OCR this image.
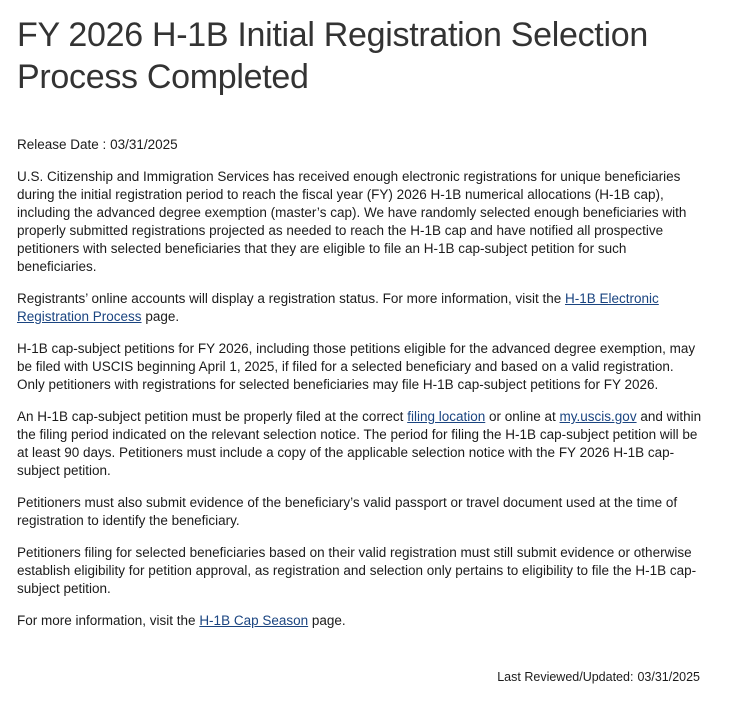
FY 2026 H-1B Initial Registration Selection Process Completed
Release Date : 03/31/2025

U.S. Citizenship and Immigration Services has received enough electronic registrations for unique beneficiaries during the initial registration period to reach the fiscal year (FY) 2026 H-1B numerical allocations (H-1B cap), including the advanced degree exemption (master’s cap). We have randomly selected enough beneficiaries with properly submitted registrations projected as needed to reach the H-1B cap and have notified all prospective petitioners with selected beneficiaries that they are eligible to file an H-1B cap-subject petition for such beneficiaries.

Registrants’ online accounts will display a registration status. For more information, visit the H-1B Electronic Registration Process page.

H-1B cap-subject petitions for FY 2026, including those petitions eligible for the advanced degree exemption, may be filed with USCIS beginning April 1, 2025, if filed for a selected beneficiary and based on a valid registration. Only petitioners with registrations for selected beneficiaries may file H-1B cap-subject petitions for FY 2026.

An H-1B cap-subject petition must be properly filed at the correct filing location or online at my.uscis.gov and within the filing period indicated on the relevant selection notice. The period for filing the H-1B cap-subject petition will be at least 90 days. Petitioners must include a copy of the applicable selection notice with the FY 2026 H-1B cap-subject petition.

Petitioners must also submit evidence of the beneficiary’s valid passport or travel document used at the time of registration to identify the beneficiary.

Petitioners filing for selected beneficiaries based on their valid registration must still submit evidence or otherwise establish eligibility for petition approval, as registration and selection only pertains to eligibility to file the H-1B cap-subject petition.

For more information, visit the H-1B Cap Season page.

Last Reviewed/Updated: 03/31/2025
